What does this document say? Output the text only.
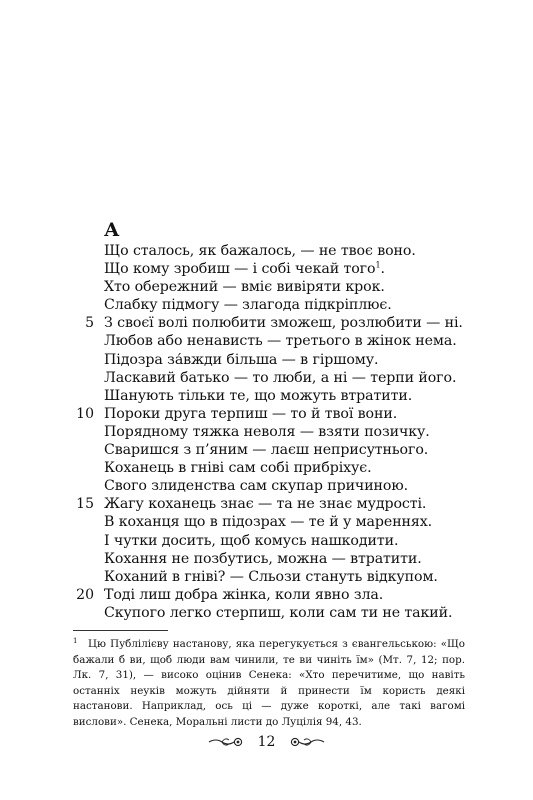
А
Що сталось, як бажалось, — не твоє воно.
Що кому зробиш — і собі чекай того$^1$.
Хто обережний — вміє вивіряти крок.
Слабку підмогу — злагода підкріплює.
5 З своєї волі полюбити зможеш, розлюбити — ні.
Любов або ненависть — третього в жінок нема.
Підозра за́вжди більша — в гіршому.
Ласкавий батько — то люби, а ні — терпи його.
Шанують тільки те, що можуть втратити.
10 Пороки друга терпиш — то й твої вони.
Порядному тяжка неволя — взяти позичку.
Сваришся з п’яним — лаєш неприсутнього.
Коханець в гніві сам собі прибріхує.
Свого злиденства сам скупар причиною.
15 Жагу коханець знає — та не знає мудрості.
В коханця що в підозрах — те й у мареннях.
І чутки досить, щоб комусь нашкодити.
Кохання не позбутись, можна — втратити.
Коханий в гніві? — Сльози стануть відкупом.
20 Тоді лиш добра жінка, коли явно зла.
Скупого легко стерпиш, коли сам ти не такий.
1 Цю Публілієву настанову, яка перегукується з євангельською: «Що бажали б ви, щоб люди вам чинили, те ви чиніть їм» (Мт. 7, 12; пор. Лк. 7, 31), — високо оцінив Сенека: «Хто перечитиме, що навіть останніх неуків можуть дійняти й принести їм користь деякі настанови. Наприклад, ось ці — дуже короткі, але такі вагомі вислови». Сенека, Моральні листи до Луцілія 94, 43.
12
